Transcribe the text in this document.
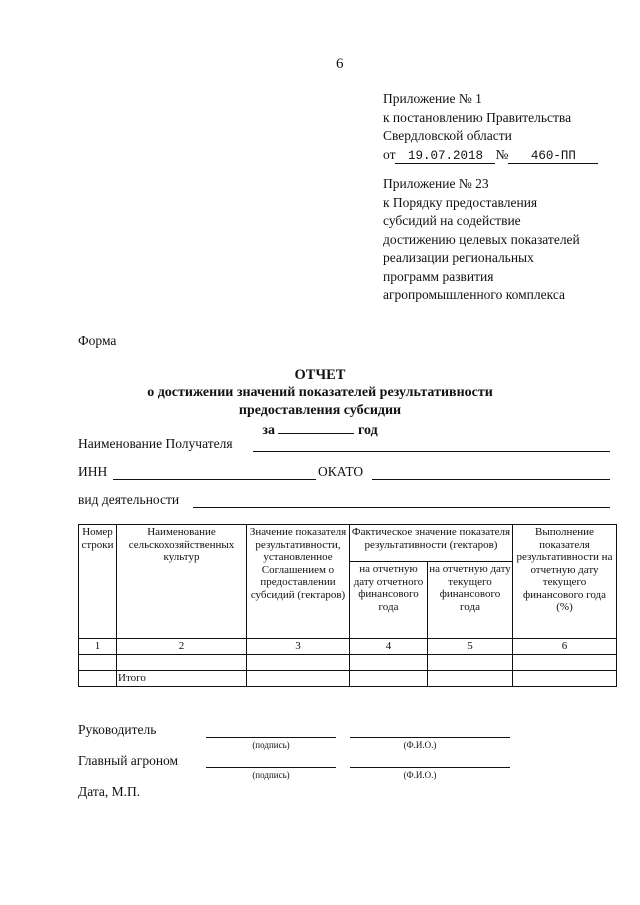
6
Приложение № 1
к постановлению Правительства
Свердловской области
от 19.07.2018 № 460-ПП
Приложение № 23
к Порядку предоставления
субсидий на содействие
достижению целевых показателей
реализации региональных
программ развития
агропромышленного комплекса
Форма
ОТЧЕТ
о достижении значений показателей результативности
предоставления субсидии
за	год
Наименование Получателя
ИНН	ОКАТО
вид деятельности
Номер строки	Наименование сельскохозяйственных культур	Значение показателя результативности, установленное Соглашением о предоставлении субсидий (гектаров)	Фактическое значение показателя результативности (гектаров)		Выполнение показателя результативности на отчетную дату текущего финансового года (%)
			на отчетную дату отчетного финансового года	на отчетную дату текущего финансового года	
1	2	3	4	5	6

	Итого				
Руководитель
(подпись)	(Ф.И.О.)
Главный агроном
(подпись)	(Ф.И.О.)
Дата, М.П.
